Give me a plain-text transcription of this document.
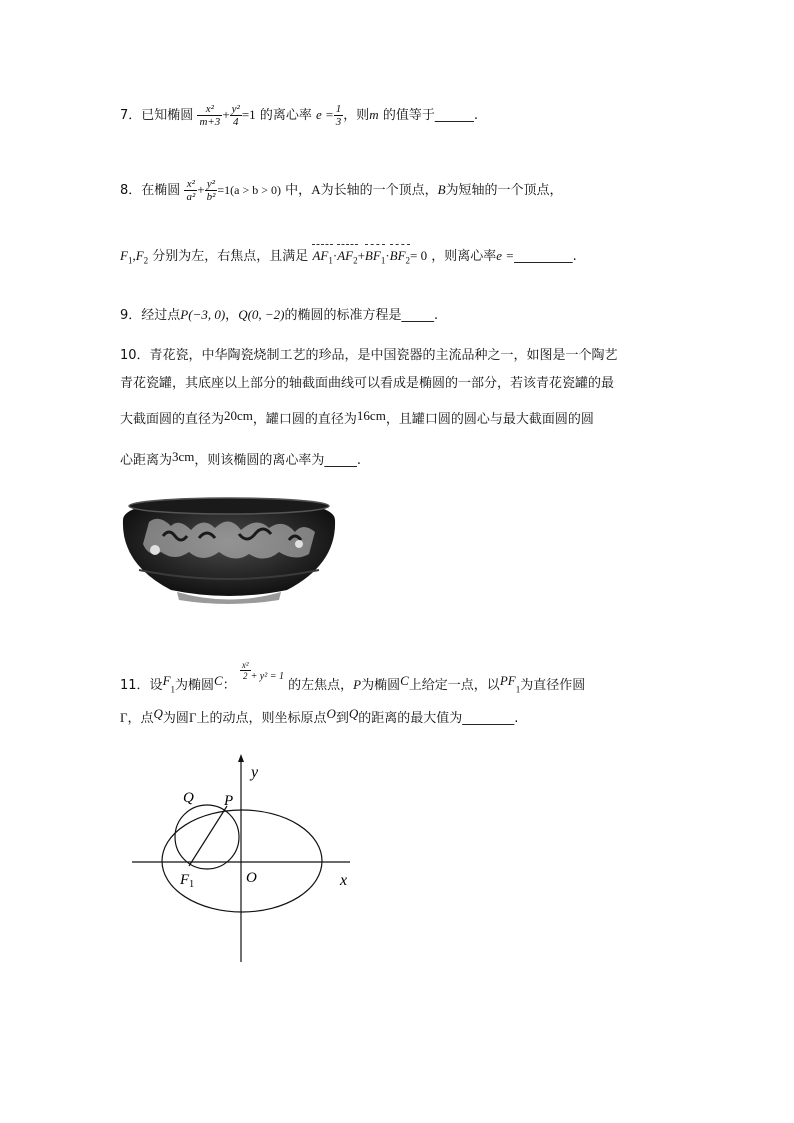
7．已知椭圆 $\frac{\text{x²}}{m+3} + \frac{\text{y²}}{4} =1$ 的离心率 $e = \frac{1}{3}$ ，则m 的值等于______.
8．在椭圆 $\frac{\text{x²}}{\text{a²}} + \frac{\text{y²}}{\text{b²}} =1(a > b > 0)$ 中，A为长轴的一个顶点，B为短轴的一个顶点，
$F_1,F_2$ 分别为左，右焦点，且满足 $AF_1\cdot AF_2+BF_1\cdot BF_2= 0$ ，则离心率e =_________.
9．经过点P(−3, 0)，Q(0, −2)的椭圆的标准方程是_____.
10．青花瓷，中华陶瓷烧制工艺的珍品，是中国瓷器的主流品种之一，如图是一个陶艺
青花瓷罐，其底座以上部分的轴截面曲线可以看成是椭圆的一部分，若该青花瓷罐的最
大截面圆的直径为20cm，罐口圆的直径为16cm，且罐口圆的圆心与最大截面圆的圆
心距离为3cm，则该椭圆的离心率为_____.
11．设$F_1$为椭圆C：
$\frac{\text{x²}}{2} ^{+ y^2 = 1}$ 的左焦点，P为椭圆C上给定一点，以$PF_1$为直径作圆
Γ，点Q为圆Γ上的动点，则坐标原点O到Q的距离的最大值为________.
y
x
Q P
$F_1$	O
